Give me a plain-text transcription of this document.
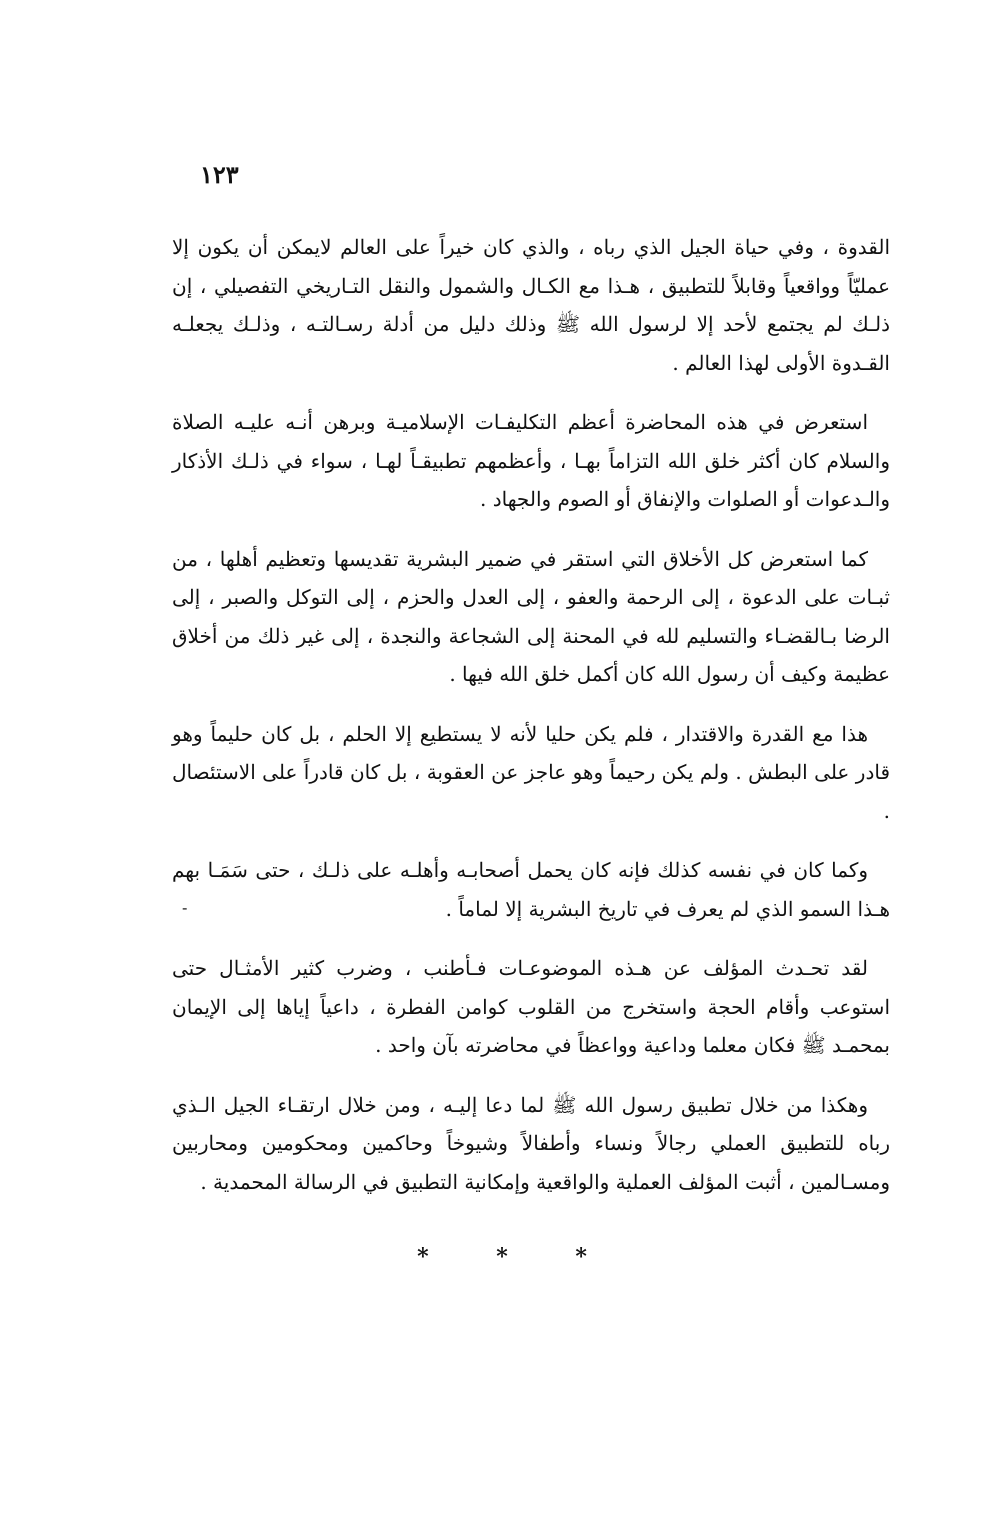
١٢٣

القدوة ، وفي حياة الجيل الذي رباه ، والذي كان خيراً على العالم لايمكن أن يكون إلا عمليّاً وواقعياً وقابلاً للتطبيق ، هـذا مع الكـال والشمول والنقل التـاريخي التفصيلي ، إن ذلـك لم يجتمع لأحد إلا لرسول الله ﷺ وذلك دليل من أدلة رسـالتـه ، وذلـك يجعلـه القـدوة الأولى لهذا العالم .

استعرض في هذه المحاضرة أعظم التكليفـات الإسلاميـة وبرهن أنـه عليـه الصلاة والسلام كان أكثر خلق الله التزاماً بهـا ، وأعظمهم تطبيقـاً لهـا ، سواء في ذلـك الأذكار والـدعوات أو الصلوات والإنفاق أو الصوم والجهاد .

كما استعرض كل الأخلاق التي استقر في ضمير البشرية تقديسها وتعظيم أهلها ، من ثبـات على الدعوة ، إلى الرحمة والعفو ، إلى العدل والحزم ، إلى التوكل والصبر ، إلى الرضا بـالقضـاء والتسليم لله في المحنة إلى الشجاعة والنجدة ، إلى غير ذلك من أخلاق عظيمة وكيف أن رسول الله كان أكمل خلق الله فيها .

هذا مع القدرة والاقتدار ، فلم يكن حليا لأنه لا يستطيع إلا الحلم ، بل كان حليماً وهو قادر على البطش . ولم يكن رحيماً وهو عاجز عن العقوبة ، بل كان قادراً على الاستئصال .

وكما كان في نفسه كذلك فإنه كان يحمل أصحابـه وأهلـه على ذلـك ، حتى سَمَـا بهم هـذا السمو الذي لم يعرف في تاريخ البشرية إلا لماماً .

لقد تحـدث المؤلف عن هـذه الموضوعـات فـأطنب ، وضرب كثير الأمثـال حتى استوعب وأقام الحجة واستخرج من القلوب كوامن الفطرة ، داعياً إياها إلى الإيمان بمحمـد ﷺ فكان معلما وداعية وواعظاً في محاضرته بآن واحد .

وهكذا من خلال تطبيق رسول الله ﷺ لما دعا إليـه ، ومن خلال ارتقـاء الجيل الـذي رباه للتطبيق العملي رجالاً ونساء وأطفالاً وشيوخاً وحاكمين ومحكومين ومحاربين ومسـالمين ، أثبت المؤلف العملية والواقعية وإمكانية التطبيق في الرسالة المحمدية .

-
* * *
